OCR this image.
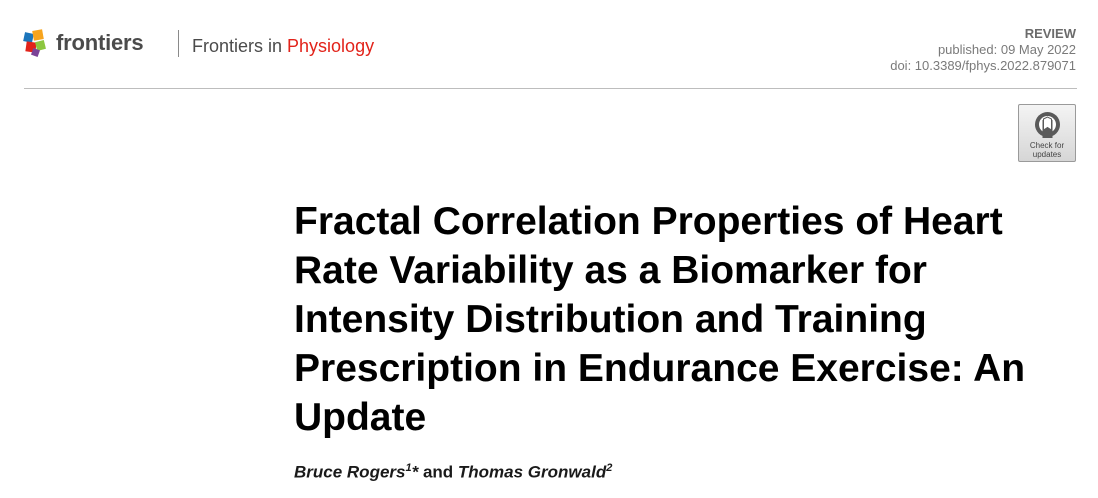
frontiers	Frontiers in Physiology
REVIEW
published: 09 May 2022
doi: 10.3389/fphys.2022.879071
Check for
updates
Fractal Correlation Properties of Heart Rate Variability as a Biomarker for Intensity Distribution and Training Prescription in Endurance Exercise: An Update
Bruce Rogers$^1$* and Thomas Gronwald$^2$
